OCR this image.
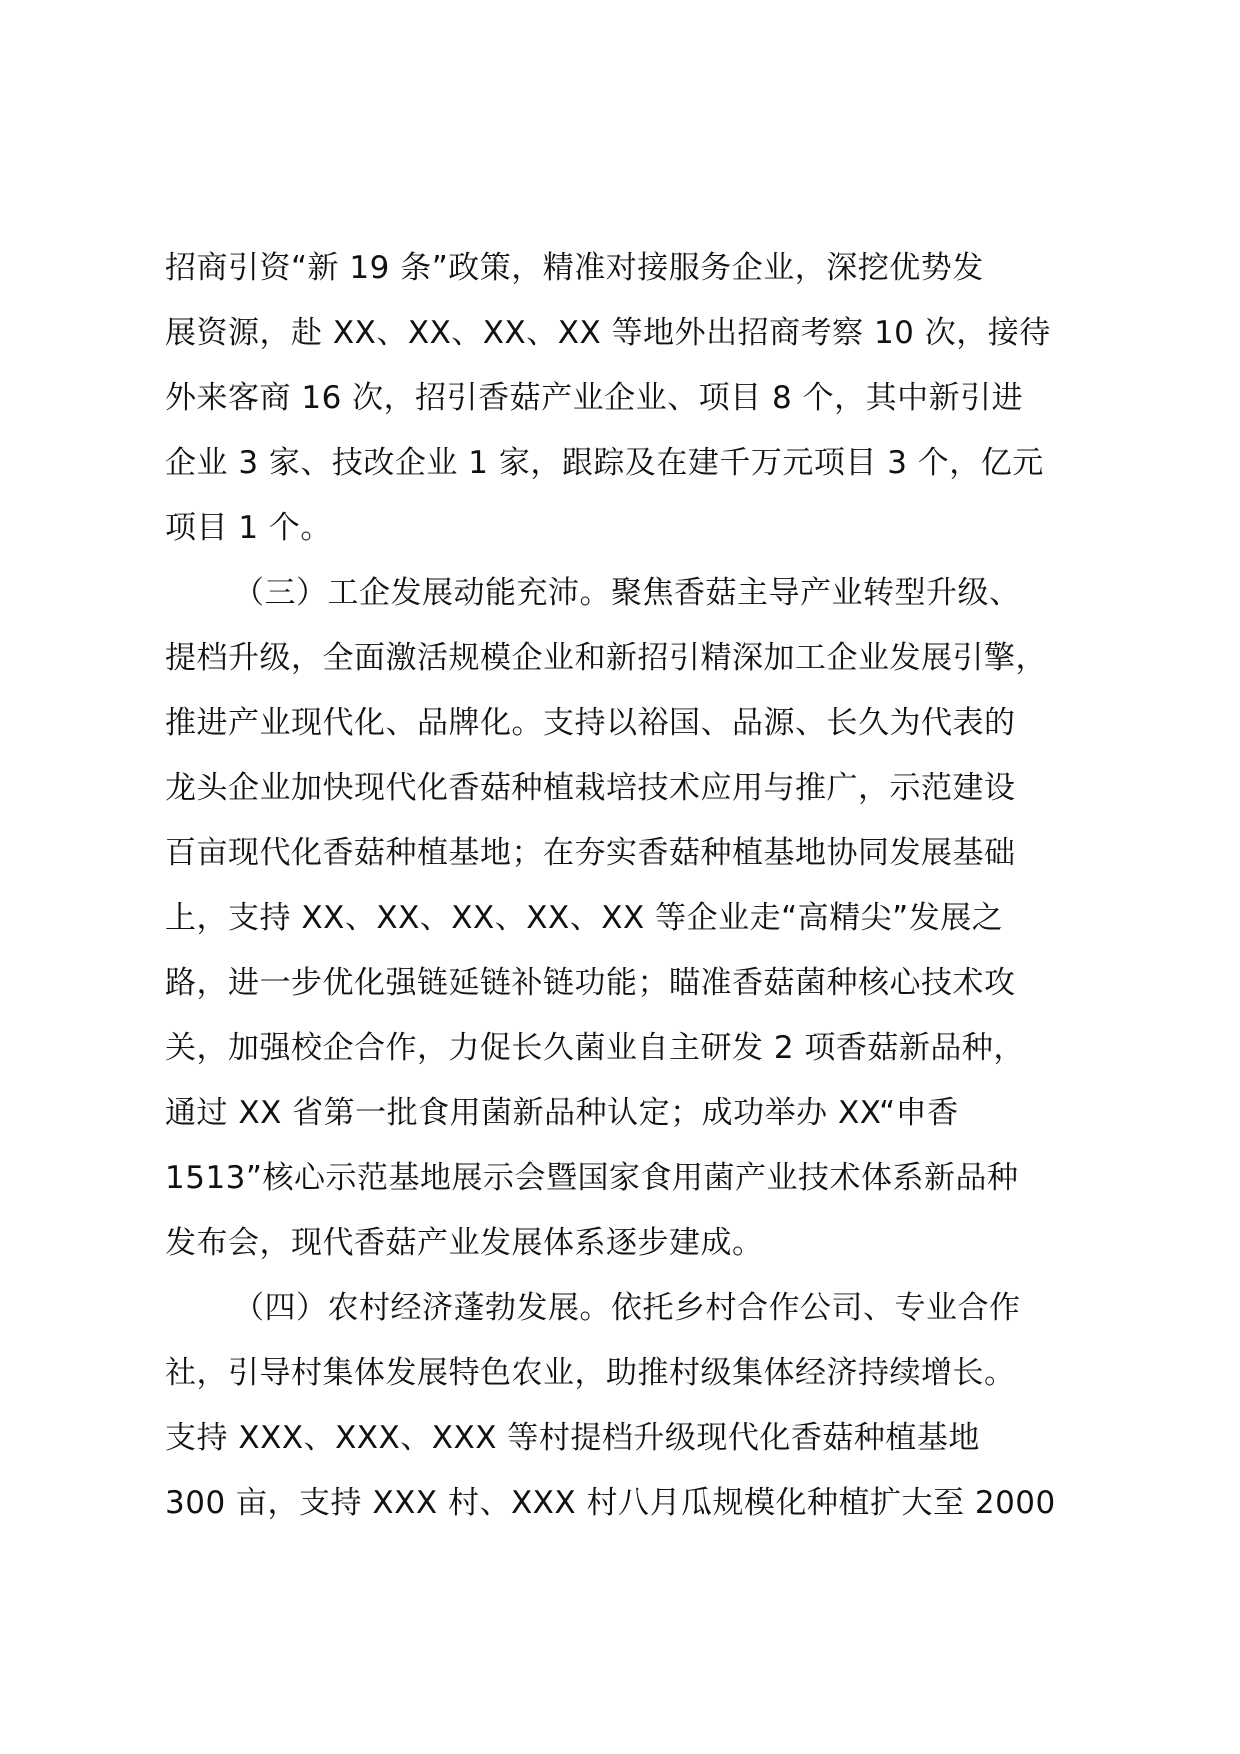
招商引资“新 19 条”政策，精准对接服务企业，深挖优势发
展资源，赴 XX、XX、XX、XX 等地外出招商考察 10 次，接待
外来客商 16 次，招引香菇产业企业、项目 8 个，其中新引进
企业 3 家、技改企业 1 家，跟踪及在建千万元项目 3 个，亿元
项目 1 个。
（三）工企发展动能充沛。聚焦香菇主导产业转型升级、
提档升级，全面激活规模企业和新招引精深加工企业发展引擎，
推进产业现代化、品牌化。支持以裕国、品源、长久为代表的
龙头企业加快现代化香菇种植栽培技术应用与推广，示范建设
百亩现代化香菇种植基地；在夯实香菇种植基地协同发展基础
上，支持 XX、XX、XX、XX、XX 等企业走“高精尖”发展之
路，进一步优化强链延链补链功能；瞄准香菇菌种核心技术攻
关，加强校企合作，力促长久菌业自主研发 2 项香菇新品种，
通过 XX 省第一批食用菌新品种认定；成功举办 XX“申香
1513”核心示范基地展示会暨国家食用菌产业技术体系新品种
发布会，现代香菇产业发展体系逐步建成。
（四）农村经济蓬勃发展。依托乡村合作公司、专业合作
社，引导村集体发展特色农业，助推村级集体经济持续增长。
支持 XXX、XXX、XXX 等村提档升级现代化香菇种植基地
300 亩，支持 XXX 村、XXX 村八月瓜规模化种植扩大至 2000
